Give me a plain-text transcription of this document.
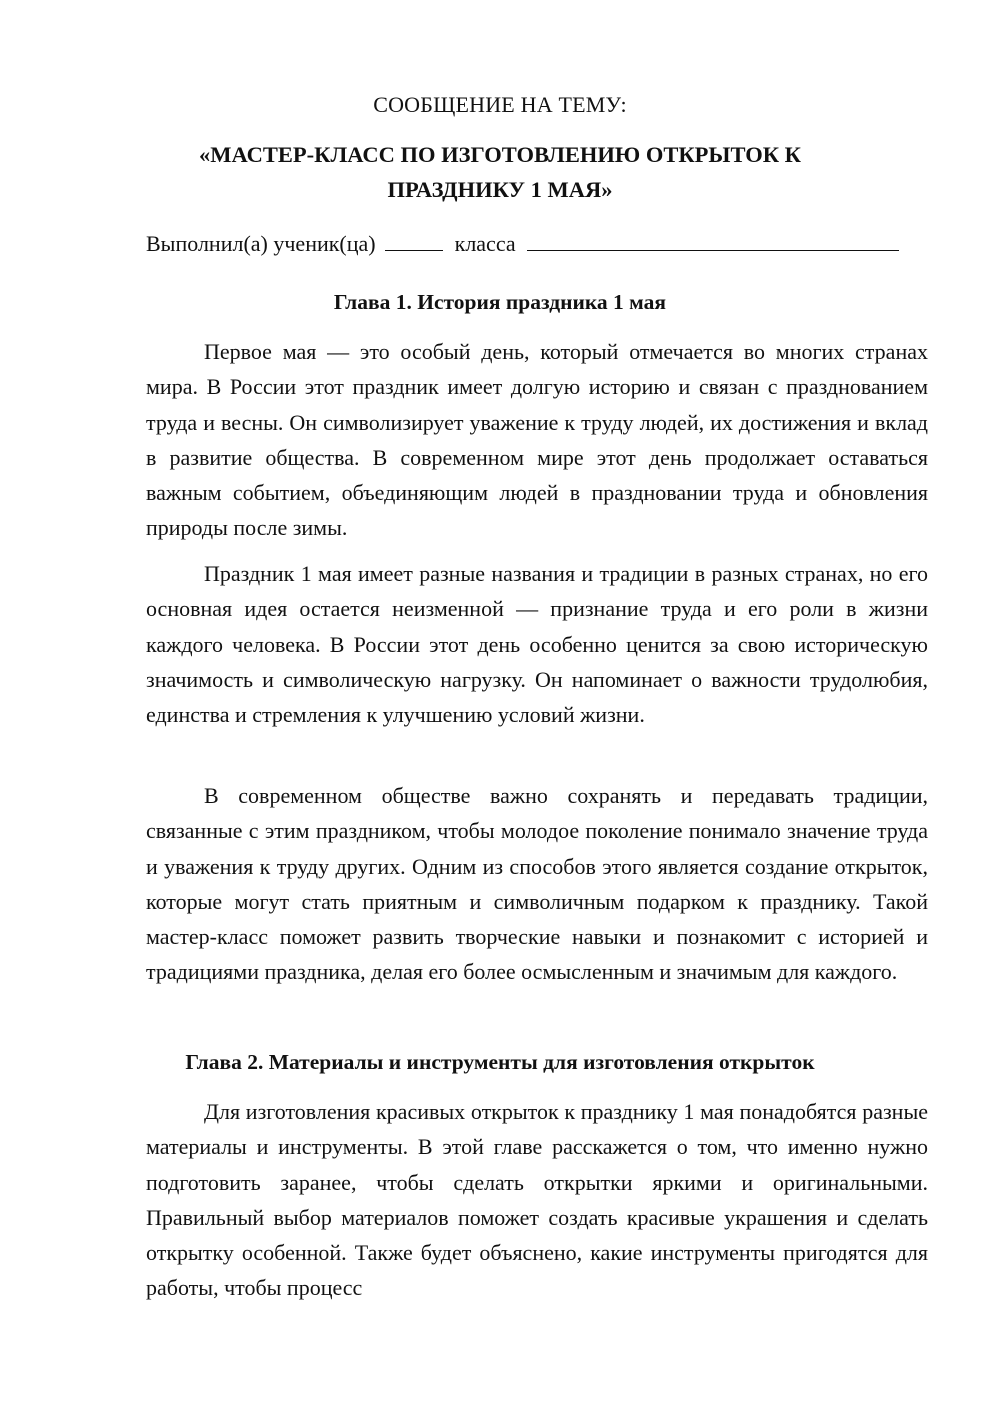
СООБЩЕНИЕ НА ТЕМУ:
«МАСТЕР-КЛАСС ПО ИЗГОТОВЛЕНИЮ ОТКРЫТОК К
ПРАЗДНИКУ 1 МАЯ»
Выполнил(а) ученик(ца)	класса
Глава 1. История праздника 1 мая

Первое мая — это особый день, который отмечается во многих странах мира. В России этот праздник имеет долгую историю и связан с празднованием труда и весны. Он символизирует уважение к труду людей, их достижения и вклад в развитие общества. В современном мире этот день продолжает оставаться важным событием, объединяющим людей в праздновании труда и обновления природы после зимы.

Праздник 1 мая имеет разные названия и традиции в разных странах, но его основная идея остается неизменной — признание труда и его роли в жизни каждого человека. В России этот день особенно ценится за свою историческую значимость и символическую нагрузку. Он напоминает о важности трудолюбия, единства и стремления к улучшению условий жизни.

В современном обществе важно сохранять и передавать традиции, связанные с этим праздником, чтобы молодое поколение понимало значение труда и уважения к труду других. Одним из способов этого является создание открыток, которые могут стать приятным и символичным подарком к празднику. Такой мастер-класс поможет развить творческие навыки и познакомит с историей и традициями праздника, делая его более осмысленным и значимым для каждого.

Глава 2. Материалы и инструменты для изготовления открыток

Для изготовления красивых открыток к празднику 1 мая понадобятся разные материалы и инструменты. В этой главе расскажется о том, что именно нужно подготовить заранее, чтобы сделать открытки яркими и оригинальными. Правильный выбор материалов поможет создать красивые украшения и сделать открытку особенной. Также будет объяснено, какие инструменты пригодятся для работы, чтобы процесс
